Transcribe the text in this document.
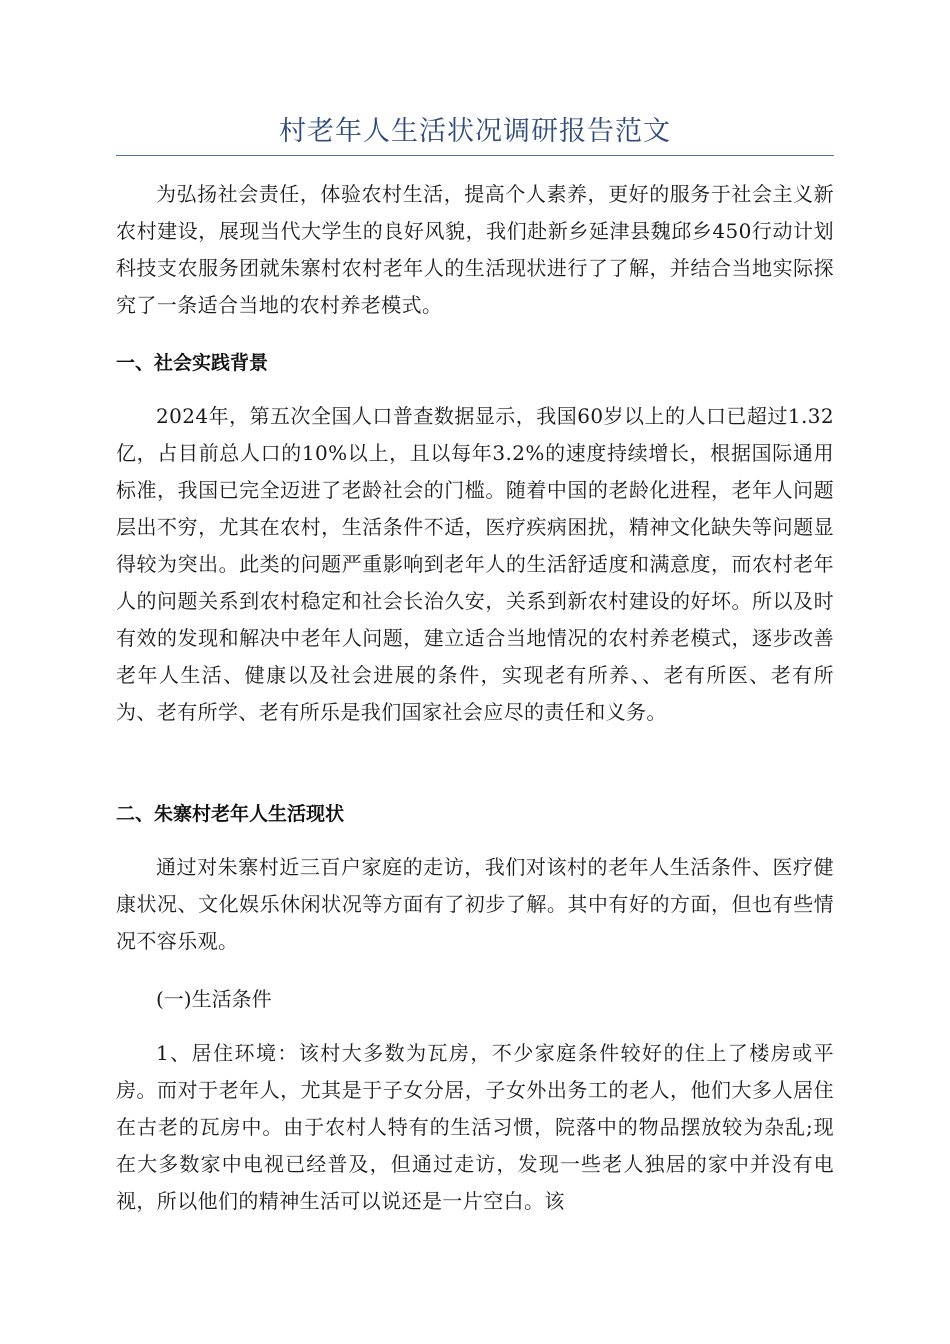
村老年人生活状况调研报告范文

为弘扬社会责任，体验农村生活，提高个人素养，更好的服务于社会主义新农村建设，展现当代大学生的良好风貌，我们赴新乡延津县魏邱乡450行动计划科技支农服务团就朱寨村农村老年人的生活现状进行了了解，并结合当地实际探究了一条适合当地的农村养老模式。

一、社会实践背景

2024年，第五次全国人口普查数据显示，我国60岁以上的人口已超过1.32亿，占目前总人口的10%以上，且以每年3.2%的速度持续增长，根据国际通用标准，我国已完全迈进了老龄社会的门槛。随着中国的老龄化进程，老年人问题层出不穷，尤其在农村，生活条件不适，医疗疾病困扰，精神文化缺失等问题显得较为突出。此类的问题严重影响到老年人的生活舒适度和满意度，而农村老年人的问题关系到农村稳定和社会长治久安，关系到新农村建设的好坏。所以及时有效的发现和解决中老年人问题，建立适合当地情况的农村养老模式，逐步改善老年人生活、健康以及社会进展的条件，实现老有所养、、老有所医、老有所为、老有所学、老有所乐是我们国家社会应尽的责任和义务。

二、朱寨村老年人生活现状

通过对朱寨村近三百户家庭的走访，我们对该村的老年人生活条件、医疗健康状况、文化娱乐休闲状况等方面有了初步了解。其中有好的方面，但也有些情况不容乐观。

(一)生活条件

1、居住环境：该村大多数为瓦房，不少家庭条件较好的住上了楼房或平房。而对于老年人，尤其是于子女分居，子女外出务工的老人，他们大多人居住在古老的瓦房中。由于农村人特有的生活习惯，院落中的物品摆放较为杂乱;现在大多数家中电视已经普及，但通过走访，发现一些老人独居的家中并没有电视，所以他们的精神生活可以说还是一片空白。该
